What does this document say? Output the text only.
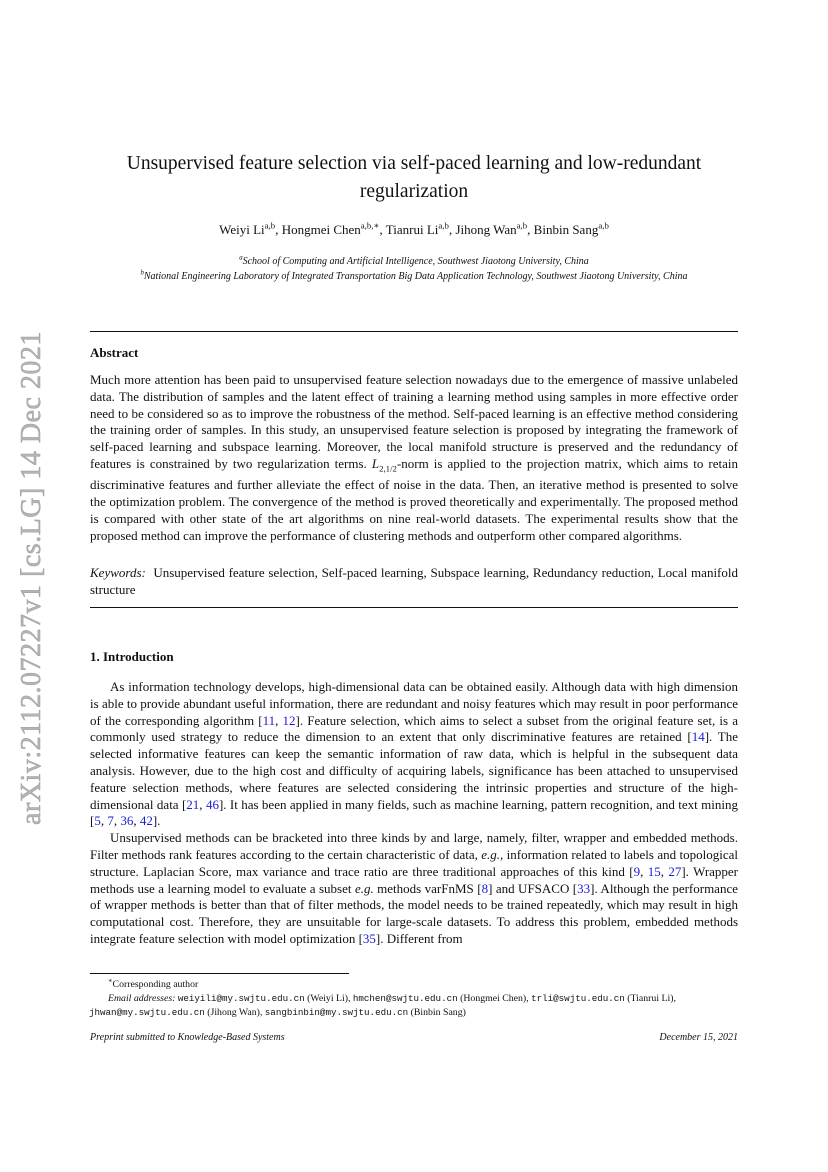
arXiv:2112.07227v1 [cs.LG] 14 Dec 2021
Unsupervised feature selection via self-paced learning and low-redundant regularization
Weiyi Li$^{a,b}$, Hongmei Chen$^{a,b,∗}$, Tianrui Li$^{a,b}$, Jihong Wan$^{a,b}$, Binbin Sang$^{a,b}$
$^a$School of Computing and Artificial Intelligence, Southwest Jiaotong University, China
$^b$National Engineering Laboratory of Integrated Transportation Big Data Application Technology, Southwest Jiaotong University, China
Abstract
Much more attention has been paid to unsupervised feature selection nowadays due to the emergence of massive unlabeled data. The distribution of samples and the latent effect of training a learning method using samples in more effective order need to be considered so as to improve the robustness of the method. Self-paced learning is an effective method considering the training order of samples. In this study, an unsupervised feature selection is proposed by integrating the framework of self-paced learning and subspace learning. Moreover, the local manifold structure is preserved and the redundancy of features is constrained by two regularization terms. $L_{2,1/2}$-norm is applied to the projection matrix, which aims to retain discriminative features and further alleviate the effect of noise in the data. Then, an iterative method is presented to solve the optimization problem. The convergence of the method is proved theoretically and experimentally. The proposed method is compared with other state of the art algorithms on nine real-world datasets. The experimental results show that the proposed method can improve the performance of clustering methods and outperform other compared algorithms.
Keywords: Unsupervised feature selection, Self-paced learning, Subspace learning, Redundancy reduction, Local manifold structure
1. Introduction

As information technology develops, high-dimensional data can be obtained easily. Although data with high dimension is able to provide abundant useful information, there are redundant and noisy features which may result in poor performance of the corresponding algorithm [11, 12]. Feature selection, which aims to select a subset from the original feature set, is a commonly used strategy to reduce the dimension to an extent that only discriminative features are retained [14]. The selected informative features can keep the semantic information of raw data, which is helpful in the subsequent data analysis. However, due to the high cost and difficulty of acquiring labels, significance has been attached to unsupervised feature selection methods, where features are selected considering the intrinsic properties and structure of the high-dimensional data [21, 46]. It has been applied in many fields, such as machine learning, pattern recognition, and text mining [5, 7, 36, 42].

Unsupervised methods can be bracketed into three kinds by and large, namely, filter, wrapper and embedded methods. Filter methods rank features according to the certain characteristic of data, e.g., information related to labels and topological structure. Laplacian Score, max variance and trace ratio are three traditional approaches of this kind [9, 15, 27]. Wrapper methods use a learning model to evaluate a subset e.g. methods varFnMS [8] and UFSACO [33]. Although the performance of wrapper methods is better than that of filter methods, the model needs to be trained repeatedly, which may result in high computational cost. Therefore, they are unsuitable for large-scale datasets. To address this problem, embedded methods integrate feature selection with model optimization [35]. Different from

∗Corresponding author
Email addresses: weiyili@my.swjtu.edu.cn (Weiyi Li), hmchen@swjtu.edu.cn (Hongmei Chen), trli@swjtu.edu.cn (Tianrui Li),
jhwan@my.swjtu.edu.cn (Jihong Wan), sangbinbin@my.swjtu.edu.cn (Binbin Sang)
Preprint submitted to Knowledge-Based Systems	December 15, 2021
